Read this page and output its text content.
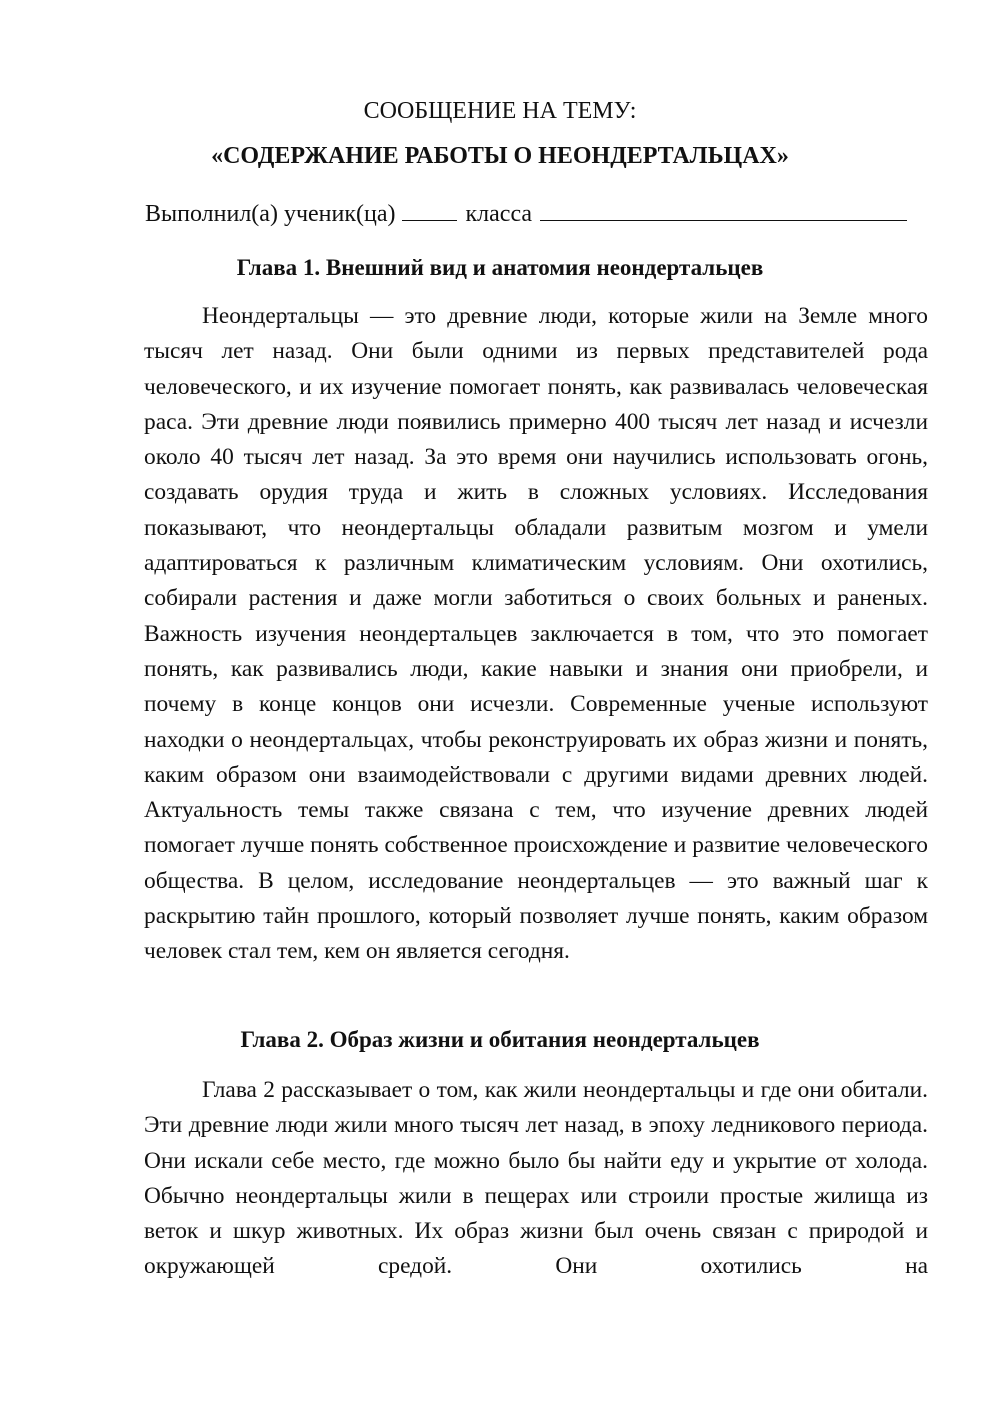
СООБЩЕНИЕ НА ТЕМУ:
«СОДЕРЖАНИЕ РАБОТЫ О НЕОНДЕРТАЛЬЦАХ»
Выполнил(а) ученик(ца)	класса
Глава 1. Внешний вид и анатомия неондертальцев

Неондертальцы — это древние люди, которые жили на Земле много тысяч лет назад. Они были одними из первых представителей рода человеческого, и их изучение помогает понять, как развивалась человеческая раса. Эти древние люди появились примерно 400 тысяч лет назад и исчезли около 40 тысяч лет назад. За это время они научились использовать огонь, создавать орудия труда и жить в сложных условиях. Исследования показывают, что неондертальцы обладали развитым мозгом и умели адаптироваться к различным климатическим условиям. Они охотились, собирали растения и даже могли заботиться о своих больных и раненых. Важность изучения неондертальцев заключается в том, что это помогает понять, как развивались люди, какие навыки и знания они приобрели, и почему в конце концов они исчезли. Современные ученые используют находки о неондертальцах, чтобы реконструировать их образ жизни и понять, каким образом они взаимодействовали с другими видами древних людей. Актуальность темы также связана с тем, что изучение древних людей помогает лучше понять собственное происхождение и развитие человеческого общества. В целом, исследование неондертальцев — это важный шаг к раскрытию тайн прошлого, который позволяет лучше понять, каким образом человек стал тем, кем он является сегодня.

Глава 2. Образ жизни и обитания неондертальцев

Глава 2 рассказывает о том, как жили неондертальцы и где они обитали. Эти древние люди жили много тысяч лет назад, в эпоху ледникового периода. Они искали себе место, где можно было бы найти еду и укрытие от холода. Обычно неондертальцы жили в пещерах или строили простые жилища из веток и шкур животных. Их образ жизни был очень связан с природой и окружающей средой. Они охотились на
